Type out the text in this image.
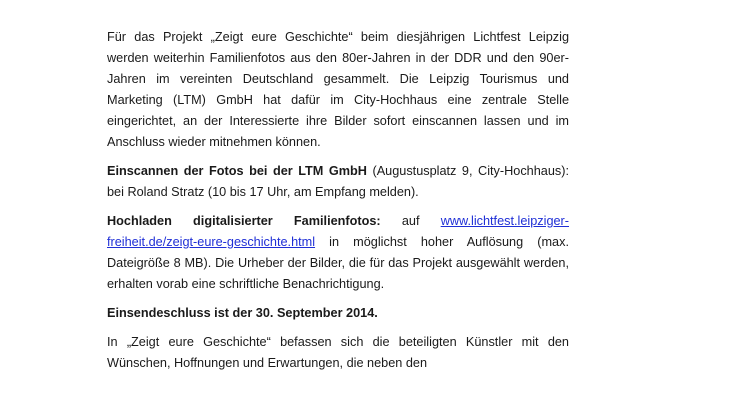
Für das Projekt „Zeigt eure Geschichte“ beim diesjährigen Lichtfest Leipzig werden weiterhin Familienfotos aus den 80er-Jahren in der DDR und den 90er-Jahren im vereinten Deutschland gesammelt. Die Leipzig Tourismus und Marketing (LTM) GmbH hat dafür im City-Hochhaus eine zentrale Stelle eingerichtet, an der Interessierte ihre Bilder sofort einscannen lassen und im Anschluss wieder mitnehmen können.

Einscannen der Fotos bei der LTM GmbH (Augustusplatz 9, City-Hochhaus): bei Roland Stratz (10 bis 17 Uhr, am Empfang melden).

Hochladen digitalisierter Familienfotos: auf www.lichtfest.leipziger-freiheit.de/zeigt-eure-geschichte.html in möglichst hoher Auflösung (max. Dateigröße 8 MB). Die Urheber der Bilder, die für das Projekt ausgewählt werden, erhalten vorab eine schriftliche Benachrichtigung.

Einsendeschluss ist der 30. September 2014.

In „Zeigt eure Geschichte“ befassen sich die beteiligten Künstler mit den Wünschen, Hoffnungen und Erwartungen, die neben den
